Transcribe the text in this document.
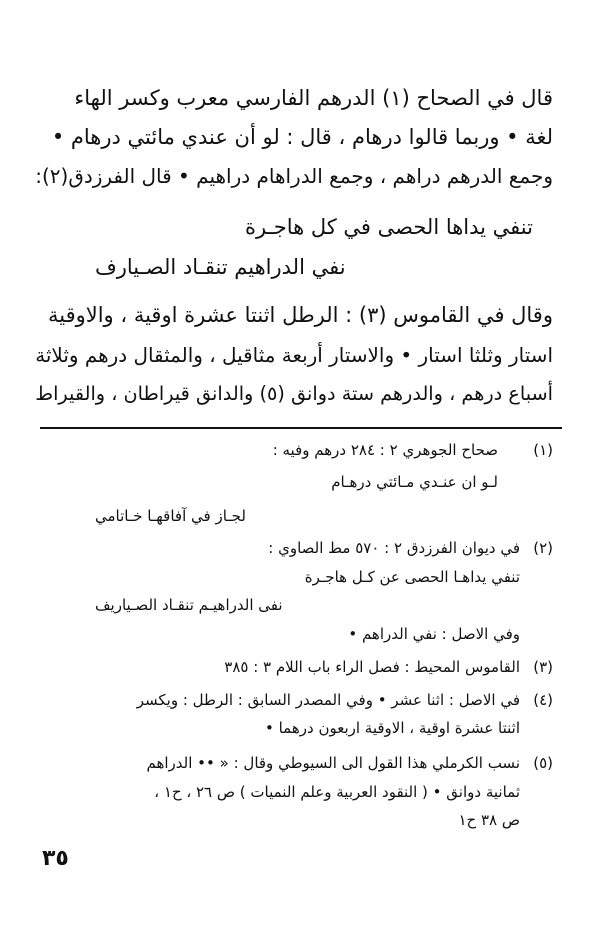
قال في الصحاح (١) الدرهم الفارسي معرب وكسر الهاء
لغة • وربما قالوا درهام ، قال : لو أن عندي مائتي درهام •
وجمع الدرهم دراهم ، وجمع الدراهام دراهيم • قال الفرزدق(٢):
تنفي يداها الحصى في كل هاجـرة
نفي الدراهيم تنقـاد الصـيارف
وقال في القاموس (٣) : الرطل اثنتا عشرة اوقية ، والاوقية
استار وثلثا استار • والاستار أربعة مثاقيل ، والمثقال درهم وثلاثة
أسباع درهم ، والدرهم ستة دوانق (٥) والدانق قيراطان ، والقيراط
(١)
صحاح الجوهري ٢ : ٢٨٤ درهم وفيه :
لـو ان عنـدي مـائتي درهـام
لجـاز في آفاقهـا خـاتامي
(٢)
في ديوان الفرزدق ٢ : ٥٧٠ مط الصاوي :
تنفي يداهـا الحصى عن كـل هاجـرة
نفى الدراهيـم تنقـاد الصـياريف
وفي الاصل : نفي الدراهم •
(٣)
القاموس المحيط : فصل الراء باب اللام ٣ : ٣٨٥
(٤)
في الاصل : اثنا عشر • وفي المصدر السابق : الرطل : ويكسر
اثنتا عشرة اوقية ، الاوقية اربعون درهما •
(٥)
نسب الكرملي هذا القول الى السيوطي وقال : « •• الدراهم
ثمانية دوانق • ( النقود العربية وعلم النميات ) ص ٢٦ ، ح١ ،
ص ٣٨ ح١
٣٥
